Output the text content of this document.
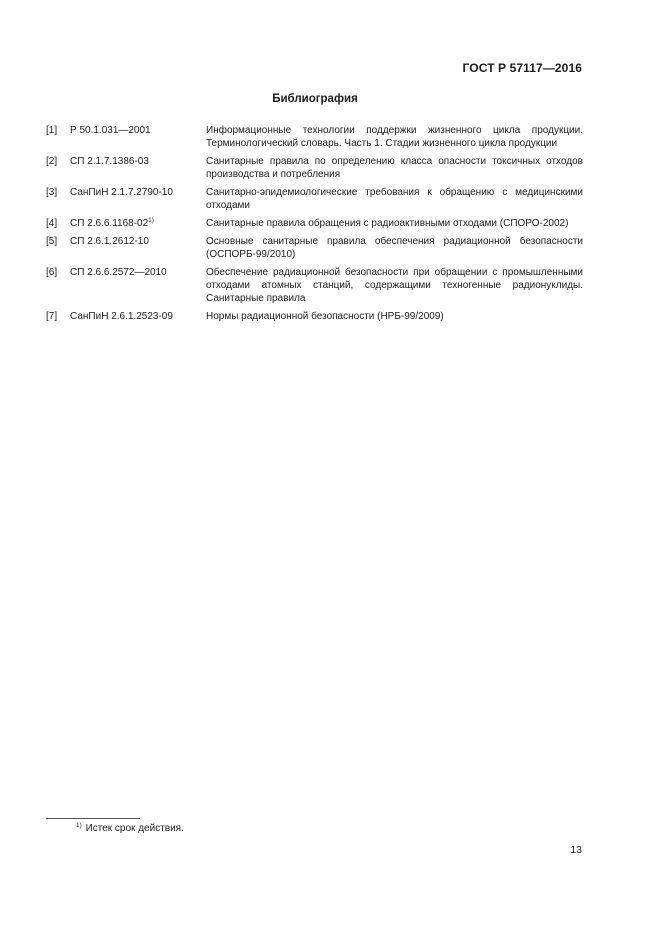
ГОСТ Р 57117—2016
Библиография
[1]	Р 50.1.031—2001	Информационные технологии поддержки жизненного цикла продукции. Терминологический словарь. Часть 1. Стадии жизненного цикла продукции
[2]	СП 2.1.7.1386-03	Санитарные правила по определению класса опасности токсичных отходов производства и потребления
[3]	СанПиН 2.1.7.2790-10	Санитарно-эпидемиологические требования к обращению с медицинскими отходами
[4]	СП 2.6.6.1168-02$^{1)}$	Санитарные правила обращения с радиоактивными отходами (СПОРО-2002)
[5]	СП 2.6.1.2612-10	Основные санитарные правила обеспечения радиационной безопасности (ОСПОРБ-99/2010)
[6]	СП 2.6.6.2572—2010	Обеспечение радиационной безопасности при обращении с промышленными отходами атомных станций, содержащими техногенные радионуклиды. Санитарные правила
[7]	СанПиН 2.6.1.2523-09	Нормы радиационной безопасности (НРБ-99/2009)
$^{1)}$ Истек срок действия.
13
